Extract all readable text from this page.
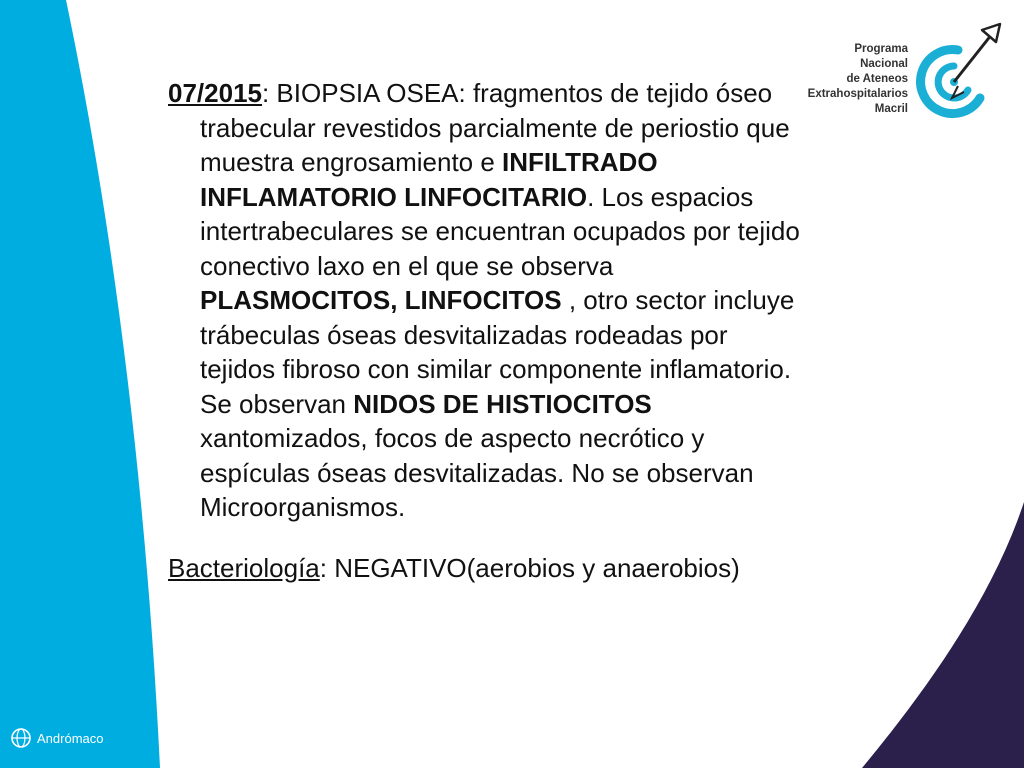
Programa Nacional
de Ateneos
Extrahospitalarios
Macril
07/2015: BIOPSIA OSEA: fragmentos de tejido óseo trabecular revestidos parcialmente de periostio que muestra engrosamiento e INFILTRADO INFLAMATORIO LINFOCITARIO. Los espacios intertrabeculares se encuentran ocupados por tejido conectivo laxo en el que se observa PLASMOCITOS, LINFOCITOS , otro sector incluye trábeculas óseas desvitalizadas rodeadas por tejidos fibroso con similar componente inflamatorio. Se observan NIDOS DE HISTIOCITOS xantomizados, focos de aspecto necrótico y espículas óseas desvitalizadas. No se observan Microorganismos.
Bacteriología: NEGATIVO(aerobios y anaerobios)
Andrómaco
